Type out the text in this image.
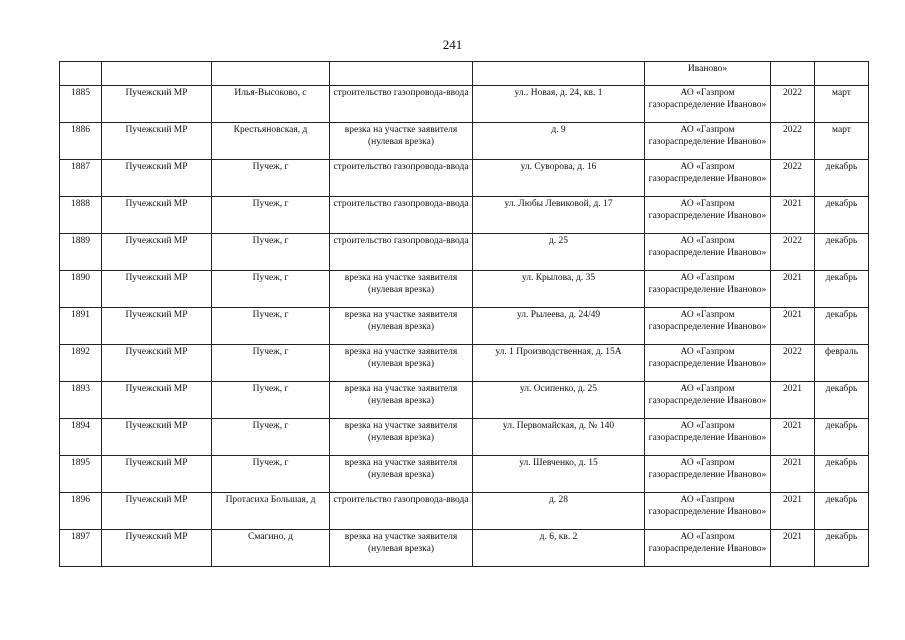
241
					Иваново»		
1885	Пучежский МР	Илья-Высоково, с	строительство газопровода-ввода	ул.. Новая, д. 24, кв. 1	АО «Газпром газораспределение Иваново»	2022	март
1886	Пучежский МР	Крестьяновская, д	врезка на участке заявителя (нулевая врезка)	д. 9	АО «Газпром газораспределение Иваново»	2022	март
1887	Пучежский МР	Пучеж, г	строительство газопровода-ввода	ул. Суворова, д. 16	АО «Газпром газораспределение Иваново»	2022	декабрь
1888	Пучежский МР	Пучеж, г	строительство газопровода-ввода	ул. Любы Левиковой, д. 17	АО «Газпром газораспределение Иваново»	2021	декабрь
1889	Пучежский МР	Пучеж, г	строительство газопровода-ввода	д. 25	АО «Газпром газораспределение Иваново»	2022	декабрь
1890	Пучежский МР	Пучеж, г	врезка на участке заявителя (нулевая врезка)	ул. Крылова, д. 35	АО «Газпром газораспределение Иваново»	2021	декабрь
1891	Пучежский МР	Пучеж, г	врезка на участке заявителя (нулевая врезка)	ул. Рылеева, д. 24/49	АО «Газпром газораспределение Иваново»	2021	декабрь
1892	Пучежский МР	Пучеж, г	врезка на участке заявителя (нулевая врезка)	ул. 1 Производственная, д. 15А	АО «Газпром газораспределение Иваново»	2022	февраль
1893	Пучежский МР	Пучеж, г	врезка на участке заявителя (нулевая врезка)	ул. Осипенко, д. 25	АО «Газпром газораспределение Иваново»	2021	декабрь
1894	Пучежский МР	Пучеж, г	врезка на участке заявителя (нулевая врезка)	ул. Первомайская, д. № 140	АО «Газпром газораспределение Иваново»	2021	декабрь
1895	Пучежский МР	Пучеж, г	врезка на участке заявителя (нулевая врезка)	ул. Шевченко, д. 15	АО «Газпром газораспределение Иваново»	2021	декабрь
1896	Пучежский МР	Протасиха Большая, д	строительство газопровода-ввода	д. 28	АО «Газпром газораспределение Иваново»	2021	декабрь
1897	Пучежский МР	Смагино, д	врезка на участке заявителя (нулевая врезка)	д. 6, кв. 2	АО «Газпром газораспределение Иваново»	2021	декабрь
